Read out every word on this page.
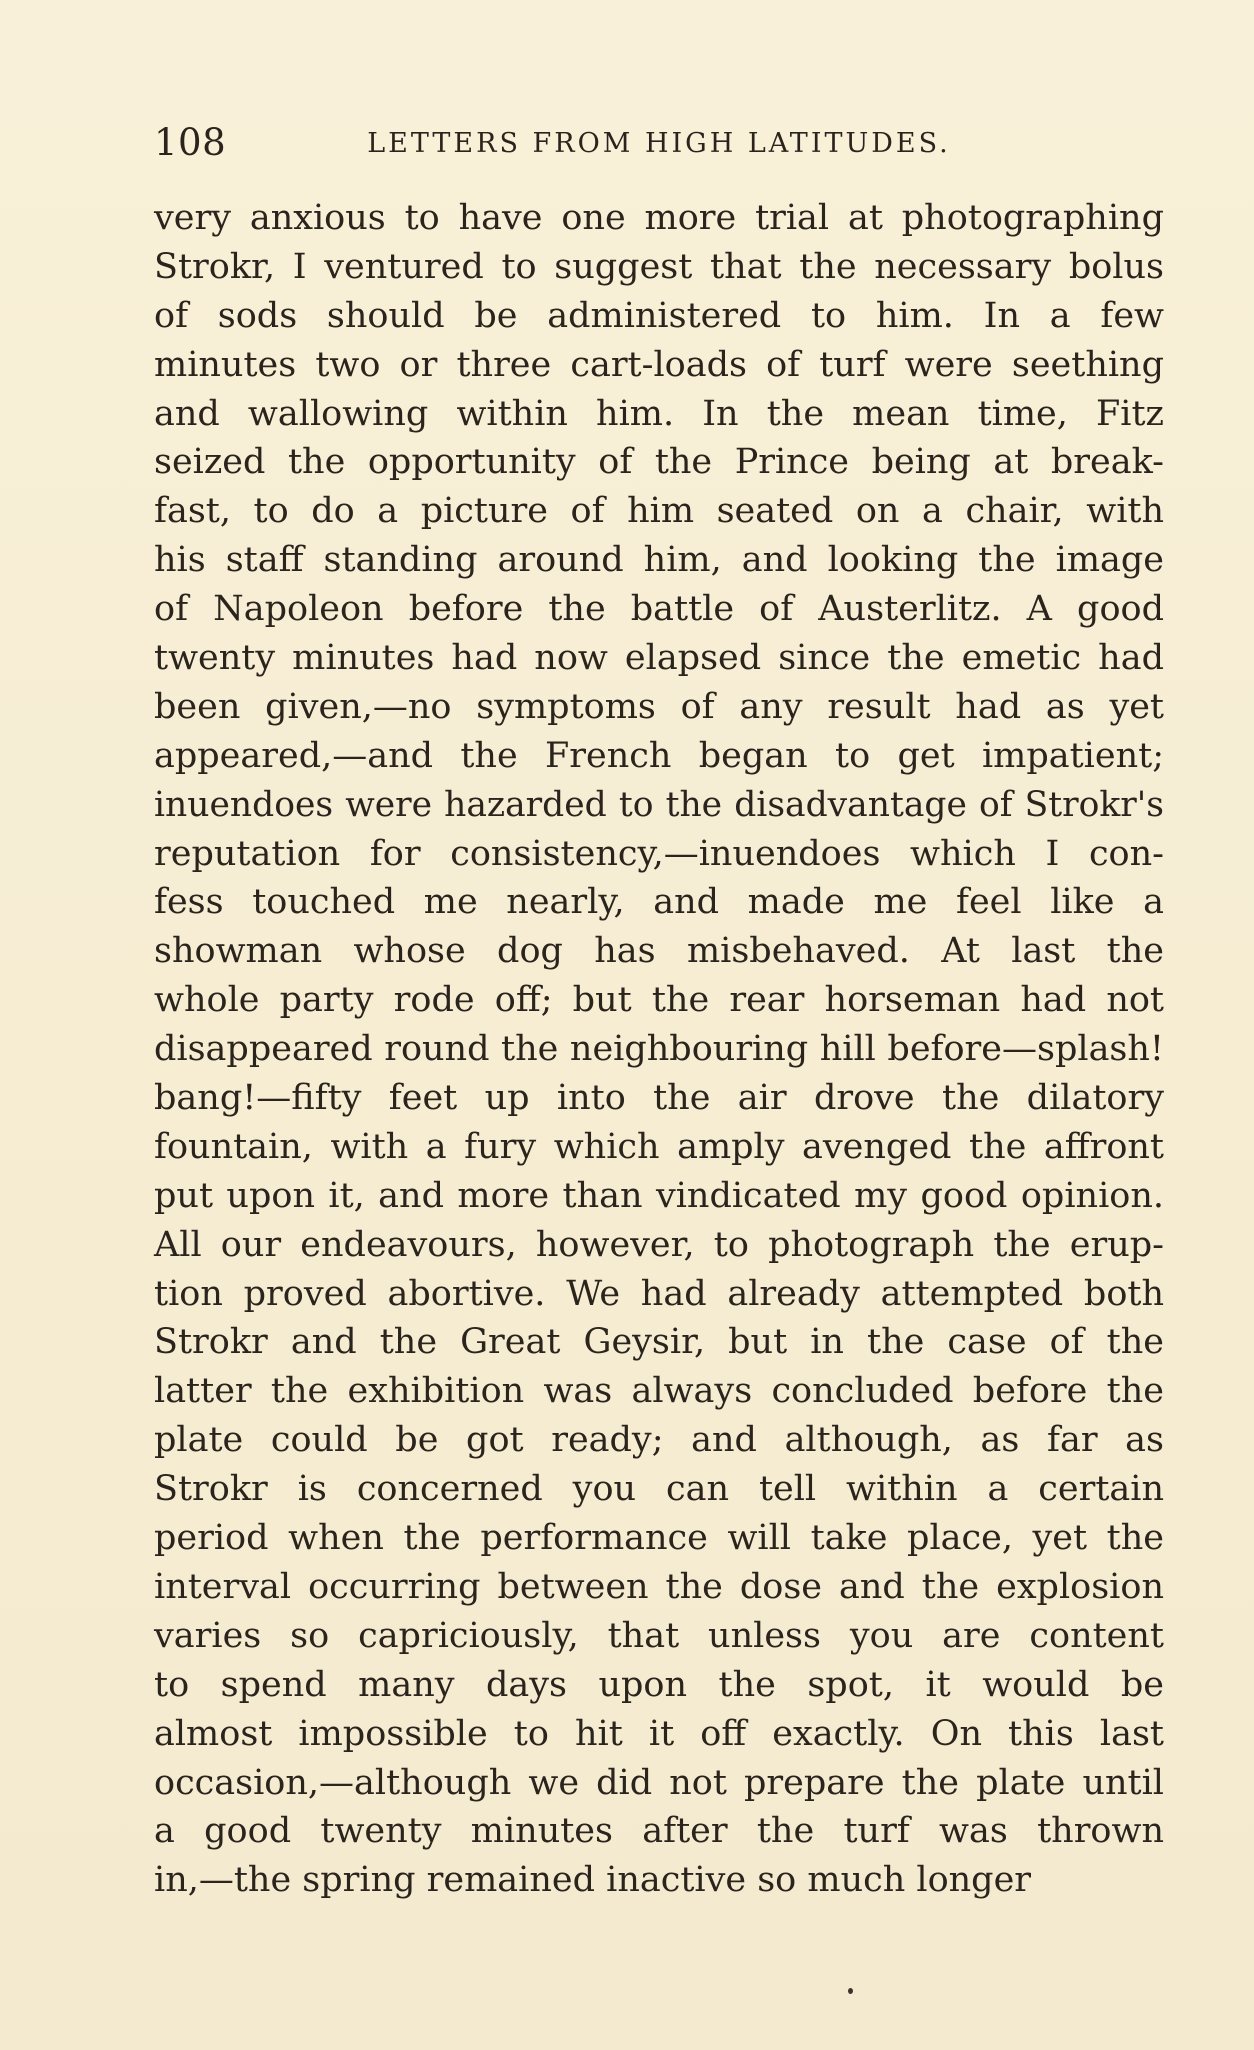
108	LETTERS FROM HIGH LATITUDES.
very anxious to have one more trial at photographing
Strokr, I ventured to suggest that the necessary bolus
of sods should be administered to him. In a few
minutes two or three cart-loads of turf were seething
and wallowing within him. In the mean time, Fitz
seized the opportunity of the Prince being at break-
fast, to do a picture of him seated on a chair, with
his staff standing around him, and looking the image
of Napoleon before the battle of Austerlitz. A good
twenty minutes had now elapsed since the emetic had
been given,—no symptoms of any result had as yet
appeared,—and the French began to get impatient;
inuendoes were hazarded to the disadvantage of Strokr's
reputation for consistency,—inuendoes which I con-
fess touched me nearly, and made me feel like a
showman whose dog has misbehaved. At last the
whole party rode off; but the rear horseman had not
disappeared round the neighbouring hill before—splash!
bang!—fifty feet up into the air drove the dilatory
fountain, with a fury which amply avenged the affront
put upon it, and more than vindicated my good opinion.
All our endeavours, however, to photograph the erup-
tion proved abortive. We had already attempted both
Strokr and the Great Geysir, but in the case of the
latter the exhibition was always concluded before the
plate could be got ready; and although, as far as
Strokr is concerned you can tell within a certain
period when the performance will take place, yet the
interval occurring between the dose and the explosion
varies so capriciously, that unless you are content
to spend many days upon the spot, it would be
almost impossible to hit it off exactly. On this last
occasion,—although we did not prepare the plate until
a good twenty minutes after the turf was thrown
in,—the spring remained inactive so much longer
